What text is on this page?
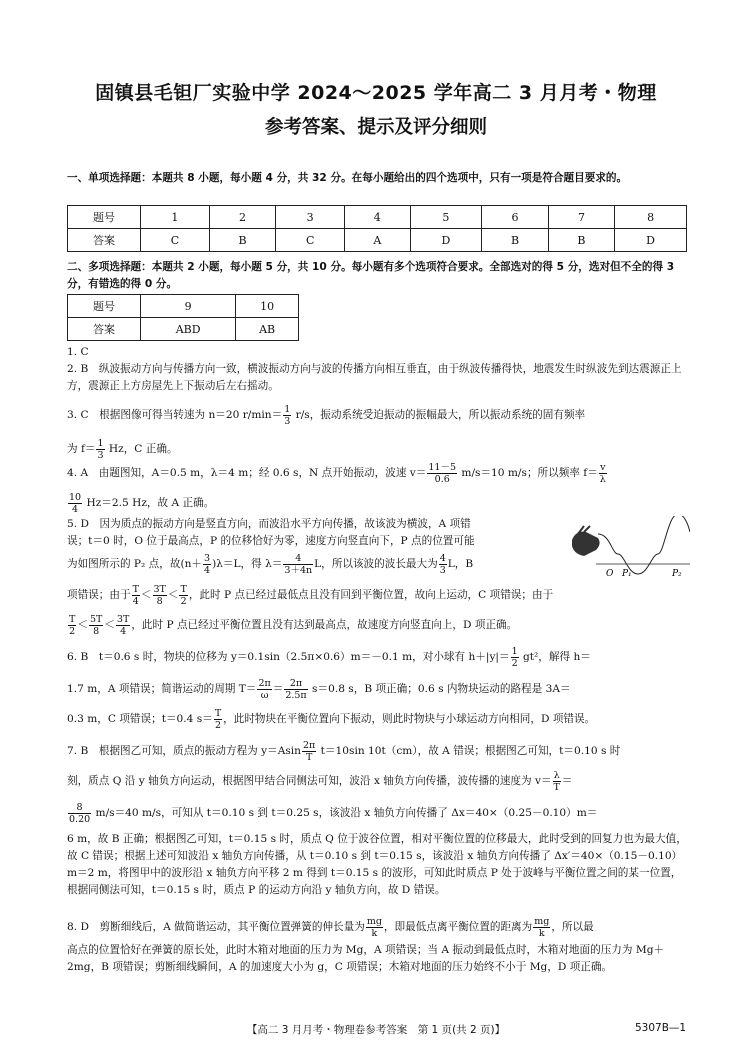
固镇县毛钽厂实验中学 2024～2025 学年高二 3 月月考・物理
参考答案、提示及评分细则

一、单项选择题：本题共 8 小题，每小题 4 分，共 32 分。在每小题给出的四个选项中，只有一项是符合题目要求的。

题号	1	2	3	4	5	6	7	8
答案	C	B	C	A	D	B	B	D

二、多项选择题：本题共 2 小题，每小题 5 分，共 10 分。每小题有多个选项符合要求。全部选对的得 5 分，选对但不全的得 3 分，有错选的得 0 分。

题号	9	10
答案	ABD	AB

1. C

2. B　纵波振动方向与传播方向一致，横波振动方向与波的传播方向相互垂直，由于纵波传播得快，地震发生时纵波先到达震源正上方，震源正上方房屋先上下振动后左右摇动。

3. C　根据图像可得当转速为 n＝20 $r/\min= \frac{1}{3} r/s$，振动系统受迫振动的振幅最大，所以振动系统的固有频率
为 $f= \frac{1}{3}$ Hz，C 正确。

4. A　由题图知，A＝0.5 m，λ＝4 m；经 0.6 s，N 点开始振动，波速 $v= \frac{11-5}{0.6} m/s=10$ m/s；所以频率 $f= \frac{v}{\lambda}$

$\frac{10}{4} Hz=2.5$ Hz，故 A 正确。

5. D　因为质点的振动方向是竖直方向，而波沿水平方向传播，故该波为横波，A 项错
误；t＝0 时，O 位于最高点，P 的位移恰好为零，速度方向竖直向下，P 点的位置可能
为如图所示的 P₂ 点，故$(n+ \frac{3}{4} )\lambda=L$，得 $\lambda= \frac{4}{3+4n}$ L，所以该波的波长最大为 $\frac{4}{3}$ L，B
项错误；由于 $\frac{T}{4} < \frac{3T}{8} < \frac{T}{2}$ ，此时 P 点已经过最低点且没有回到平衡位置，故向上运动，C 项错误；由于
$\frac{T}{2} < \frac{5T}{8} < \frac{3T}{4}$ ，此时 P 点已经过平衡位置且没有达到最高点，故速度方向竖直向上，D 项正确。
O P₁	P₂
6. B　t＝0.6 s 时，物块的位移为 y＝0.1sin（2.5π×0.6）m＝－0.1 m，对小球有 $h+|y|= \frac{1}{2} gt^2$，解得 h＝
1.7 m，A 项错误；简谐运动的周期 $T= \frac{2\pi}{\omega} = \frac{2\pi}{2.5\pi} s=0.8$ s，B 项正确；0.6 s 内物块运动的路程是 3A＝
0.3 m，C 项错误；t＝0.4 $s= \frac{T}{2}$ ，此时物块在平衡位置向下振动，则此时物块与小球运动方向相同，D 项错误。
7. B　根据图乙可知，质点的振动方程为 $y=Asin \frac{2\pi}{T} t=10\sin$ 10t（cm），故 A 错误；根据图乙可知，t＝0.10 s 时
刻，质点 Q 沿 y 轴负方向运动，根据图甲结合同侧法可知，波沿 x 轴负方向传播，波传播的速度为 $v= \frac{\lambda}{T}$ ＝
$\frac{8}{0.20} m/s=40$ m/s，可知从 t＝0.10 s 到 t＝0.25 s，该波沿 x 轴负方向传播了 Δx＝40×（0.25－0.10）m＝

6 m，故 B 正确；根据图乙可知，t＝0.15 s 时，质点 Q 位于波谷位置，相对平衡位置的位移最大，此时受到的回复力也为最大值，故 C 错误；根据上述可知波沿 x 轴负方向传播，从 t＝0.10 s 到 t＝0.15 s，该波沿 x 轴负方向传播了 Δx′＝40×（0.15－0.10）m＝2 m，将图甲中的波形沿 x 轴负方向平移 2 m 得到 t＝0.15 s 的波形，可知此时质点 P 处于波峰与平衡位置之间的某一位置，根据同侧法可知，t＝0.15 s 时，质点 P 的运动方向沿 y 轴负方向，故 D 错误。

8. D　剪断细线后，A 做简谐运动，其平衡位置弹簧的伸长量为 $\frac{mg}{k}$ ，即最低点离平衡位置的距离为 $\frac{mg}{k}$ ，所以最

高点的位置恰好在弹簧的原长处，此时木箱对地面的压力为 Mg，A 项错误；当 A 振动到最低点时，木箱对地面的压力为 Mg＋2mg，B 项错误；剪断细线瞬间，A 的加速度大小为 g，C 项错误；木箱对地面的压力始终不小于 Mg，D 项正确。

【高二 3 月月考・物理卷参考答案　第 1 页(共 2 页)】	5307B—1
